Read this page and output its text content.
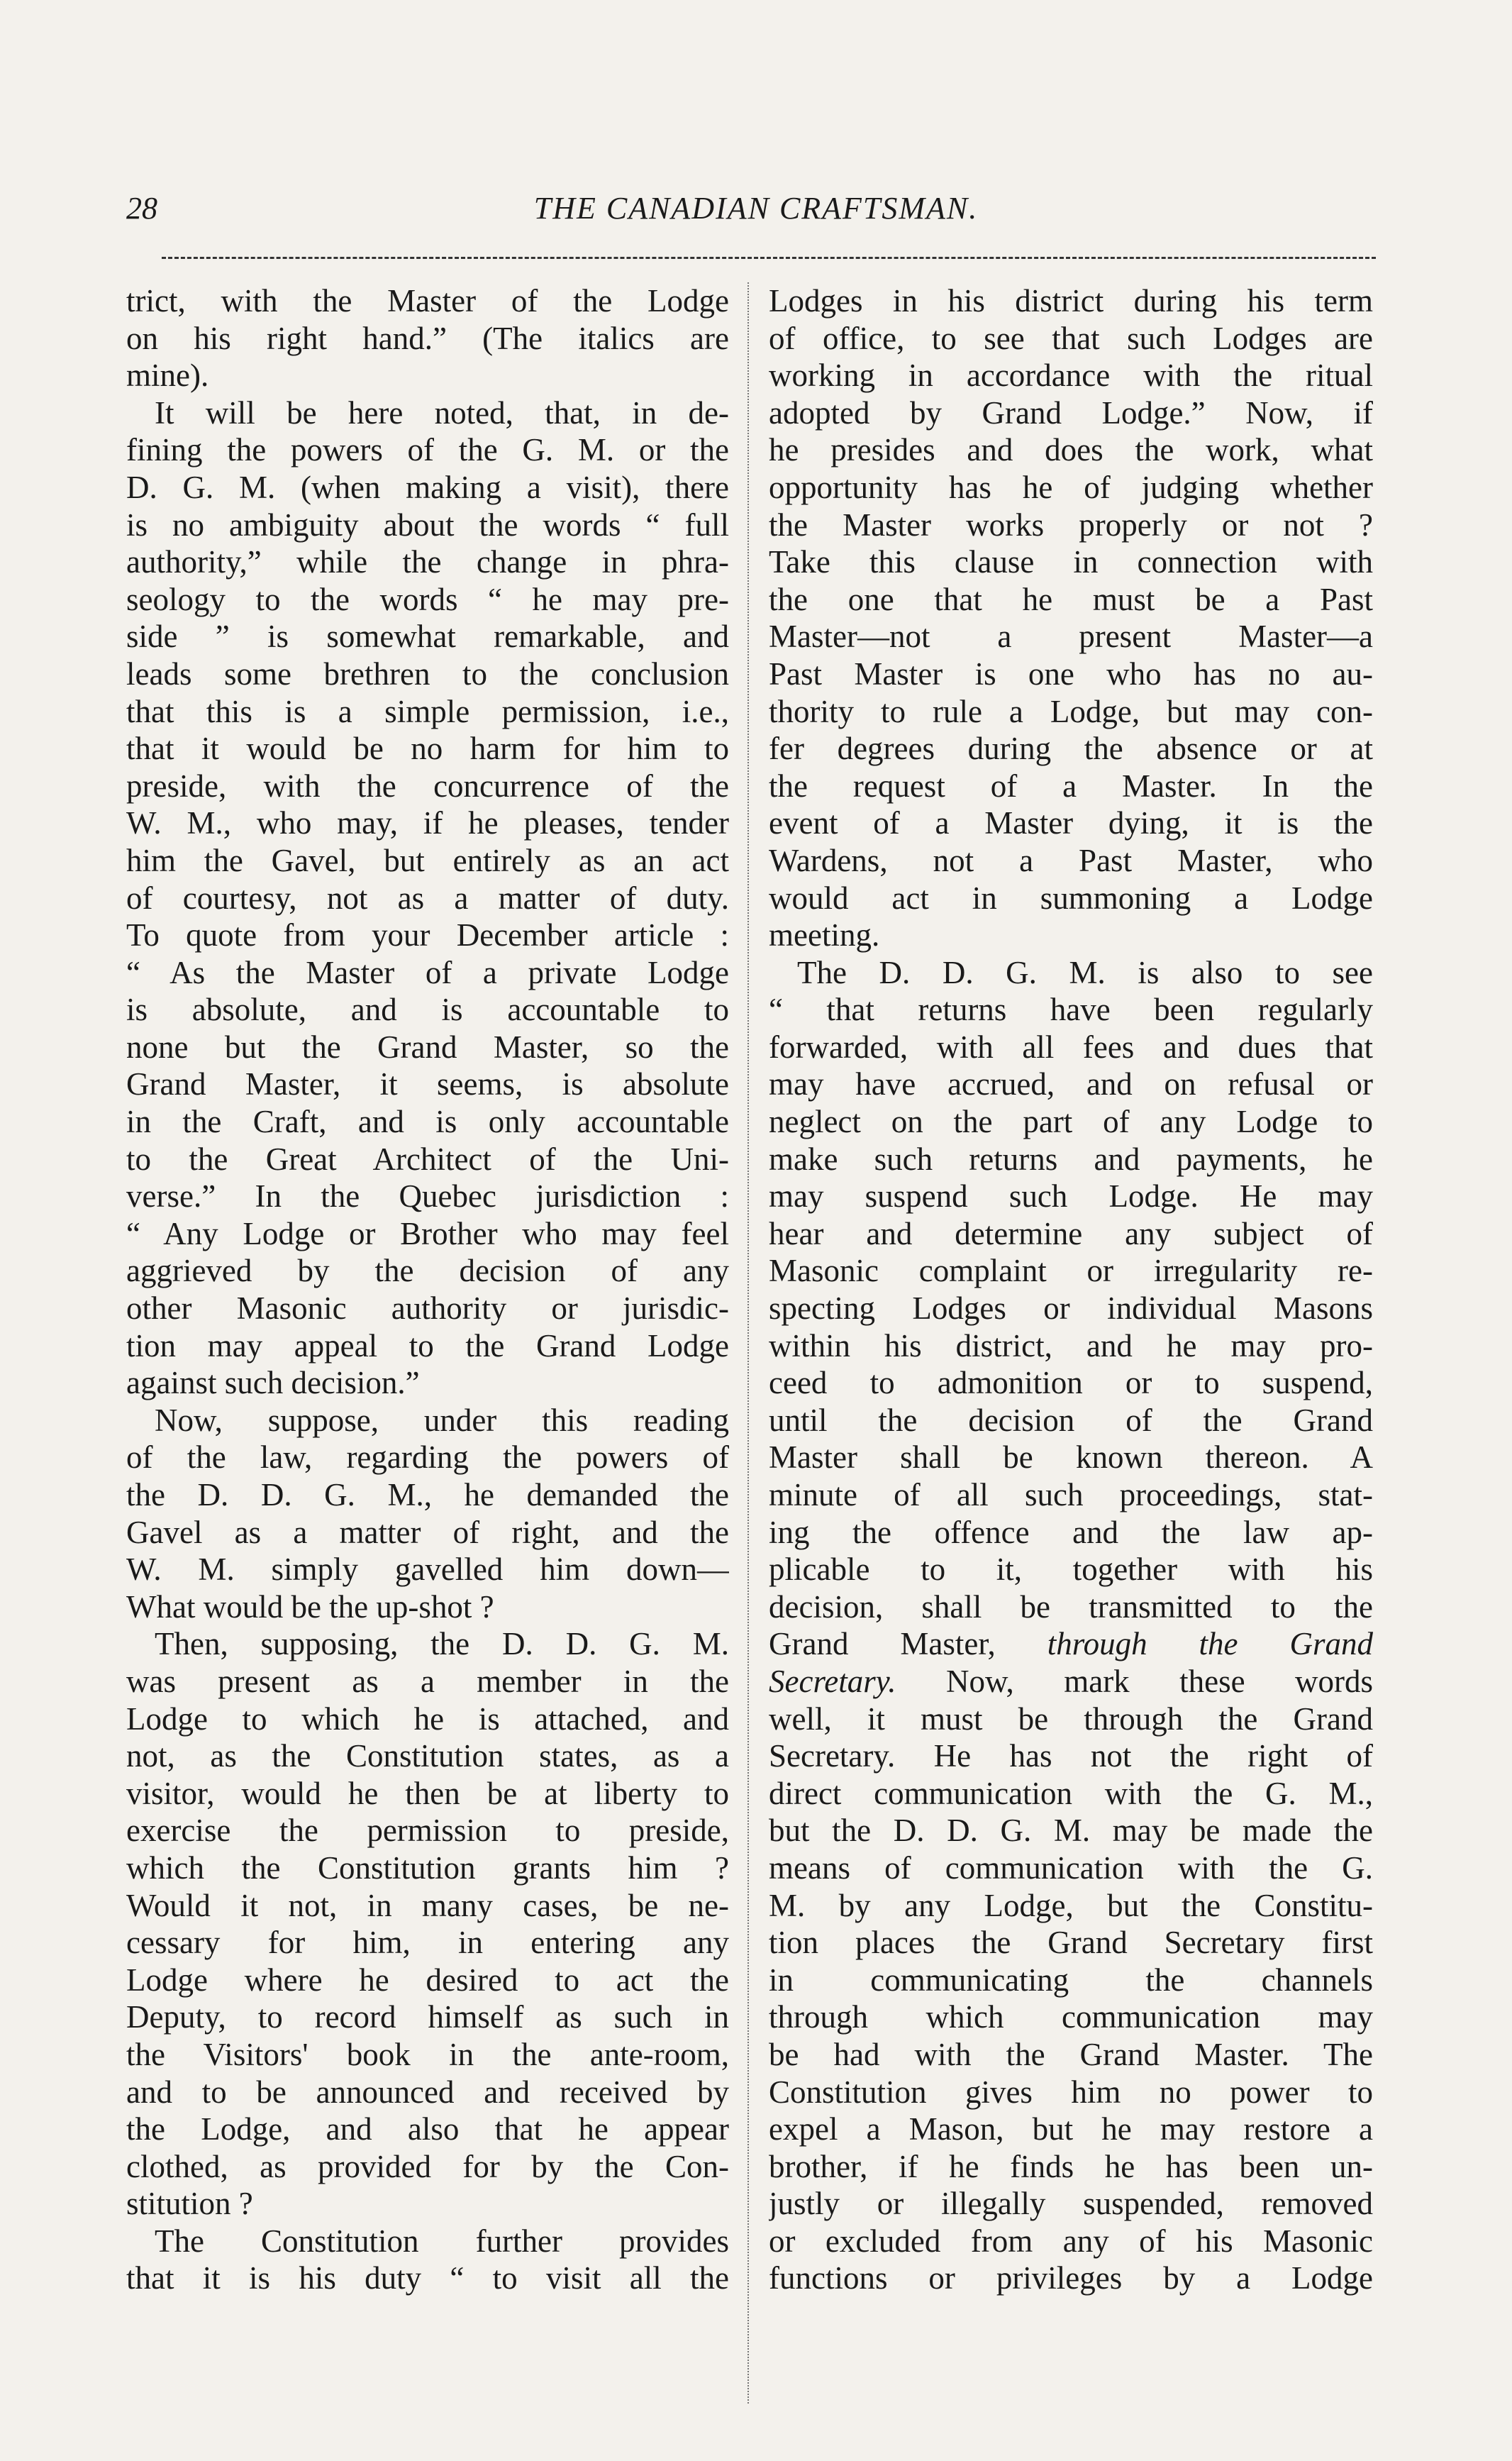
28	THE CANADIAN CRAFTSMAN.
trict, with the Master of the Lodge
on his right hand.” (The italics are
mine).
It will be here noted, that, in de-
fining the powers of the G. M. or the
D. G. M. (when making a visit), there
is no ambiguity about the words “ full
authority,” while the change in phra-
seology to the words “ he may pre-
side ” is somewhat remarkable, and
leads some brethren to the conclusion
that this is a simple permission, i.e.,
that it would be no harm for him to
preside, with the concurrence of the
W. M., who may, if he pleases, tender
him the Gavel, but entirely as an act
of courtesy, not as a matter of duty.
To quote from your December article :
“ As the Master of a private Lodge
is absolute, and is accountable to
none but the Grand Master, so the
Grand Master, it seems, is absolute
in the Craft, and is only accountable
to the Great Architect of the Uni-
verse.” In the Quebec jurisdiction :
“ Any Lodge or Brother who may feel
aggrieved by the decision of any
other Masonic authority or jurisdic-
tion may appeal to the Grand Lodge
against such decision.”
Now, suppose, under this reading
of the law, regarding the powers of
the D. D. G. M., he demanded the
Gavel as a matter of right, and the
W. M. simply gavelled him down—
What would be the up-shot ?
Then, supposing, the D. D. G. M.
was present as a member in the
Lodge to which he is attached, and
not, as the Constitution states, as a
visitor, would he then be at liberty to
exercise the permission to preside,
which the Constitution grants him ?
Would it not, in many cases, be ne-
cessary for him, in entering any
Lodge where he desired to act the
Deputy, to record himself as such in
the Visitors' book in the ante-room,
and to be announced and received by
the Lodge, and also that he appear
clothed, as provided for by the Con-
stitution ?
The Constitution further provides
that it is his duty “ to visit all the
Lodges in his district during his term
of office, to see that such Lodges are
working in accordance with the ritual
adopted by Grand Lodge.” Now, if
he presides and does the work, what
opportunity has he of judging whether
the Master works properly or not ?
Take this clause in connection with
the one that he must be a Past
Master—not a present Master—a
Past Master is one who has no au-
thority to rule a Lodge, but may con-
fer degrees during the absence or at
the request of a Master. In the
event of a Master dying, it is the
Wardens, not a Past Master, who
would act in summoning a Lodge
meeting.
The D. D. G. M. is also to see
“ that returns have been regularly
forwarded, with all fees and dues that
may have accrued, and on refusal or
neglect on the part of any Lodge to
make such returns and payments, he
may suspend such Lodge. He may
hear and determine any subject of
Masonic complaint or irregularity re-
specting Lodges or individual Masons
within his district, and he may pro-
ceed to admonition or to suspend,
until the decision of the Grand
Master shall be known thereon. A
minute of all such proceedings, stat-
ing the offence and the law ap-
plicable to it, together with his
decision, shall be transmitted to the
Grand Master, through the Grand
Secretary. Now, mark these words
well, it must be through the Grand
Secretary. He has not the right of
direct communication with the G. M.,
but the D. D. G. M. may be made the
means of communication with the G.
M. by any Lodge, but the Constitu-
tion places the Grand Secretary first
in communicating the channels
through which communication may
be had with the Grand Master. The
Constitution gives him no power to
expel a Mason, but he may restore a
brother, if he finds he has been un-
justly or illegally suspended, removed
or excluded from any of his Masonic
functions or privileges by a Lodge
